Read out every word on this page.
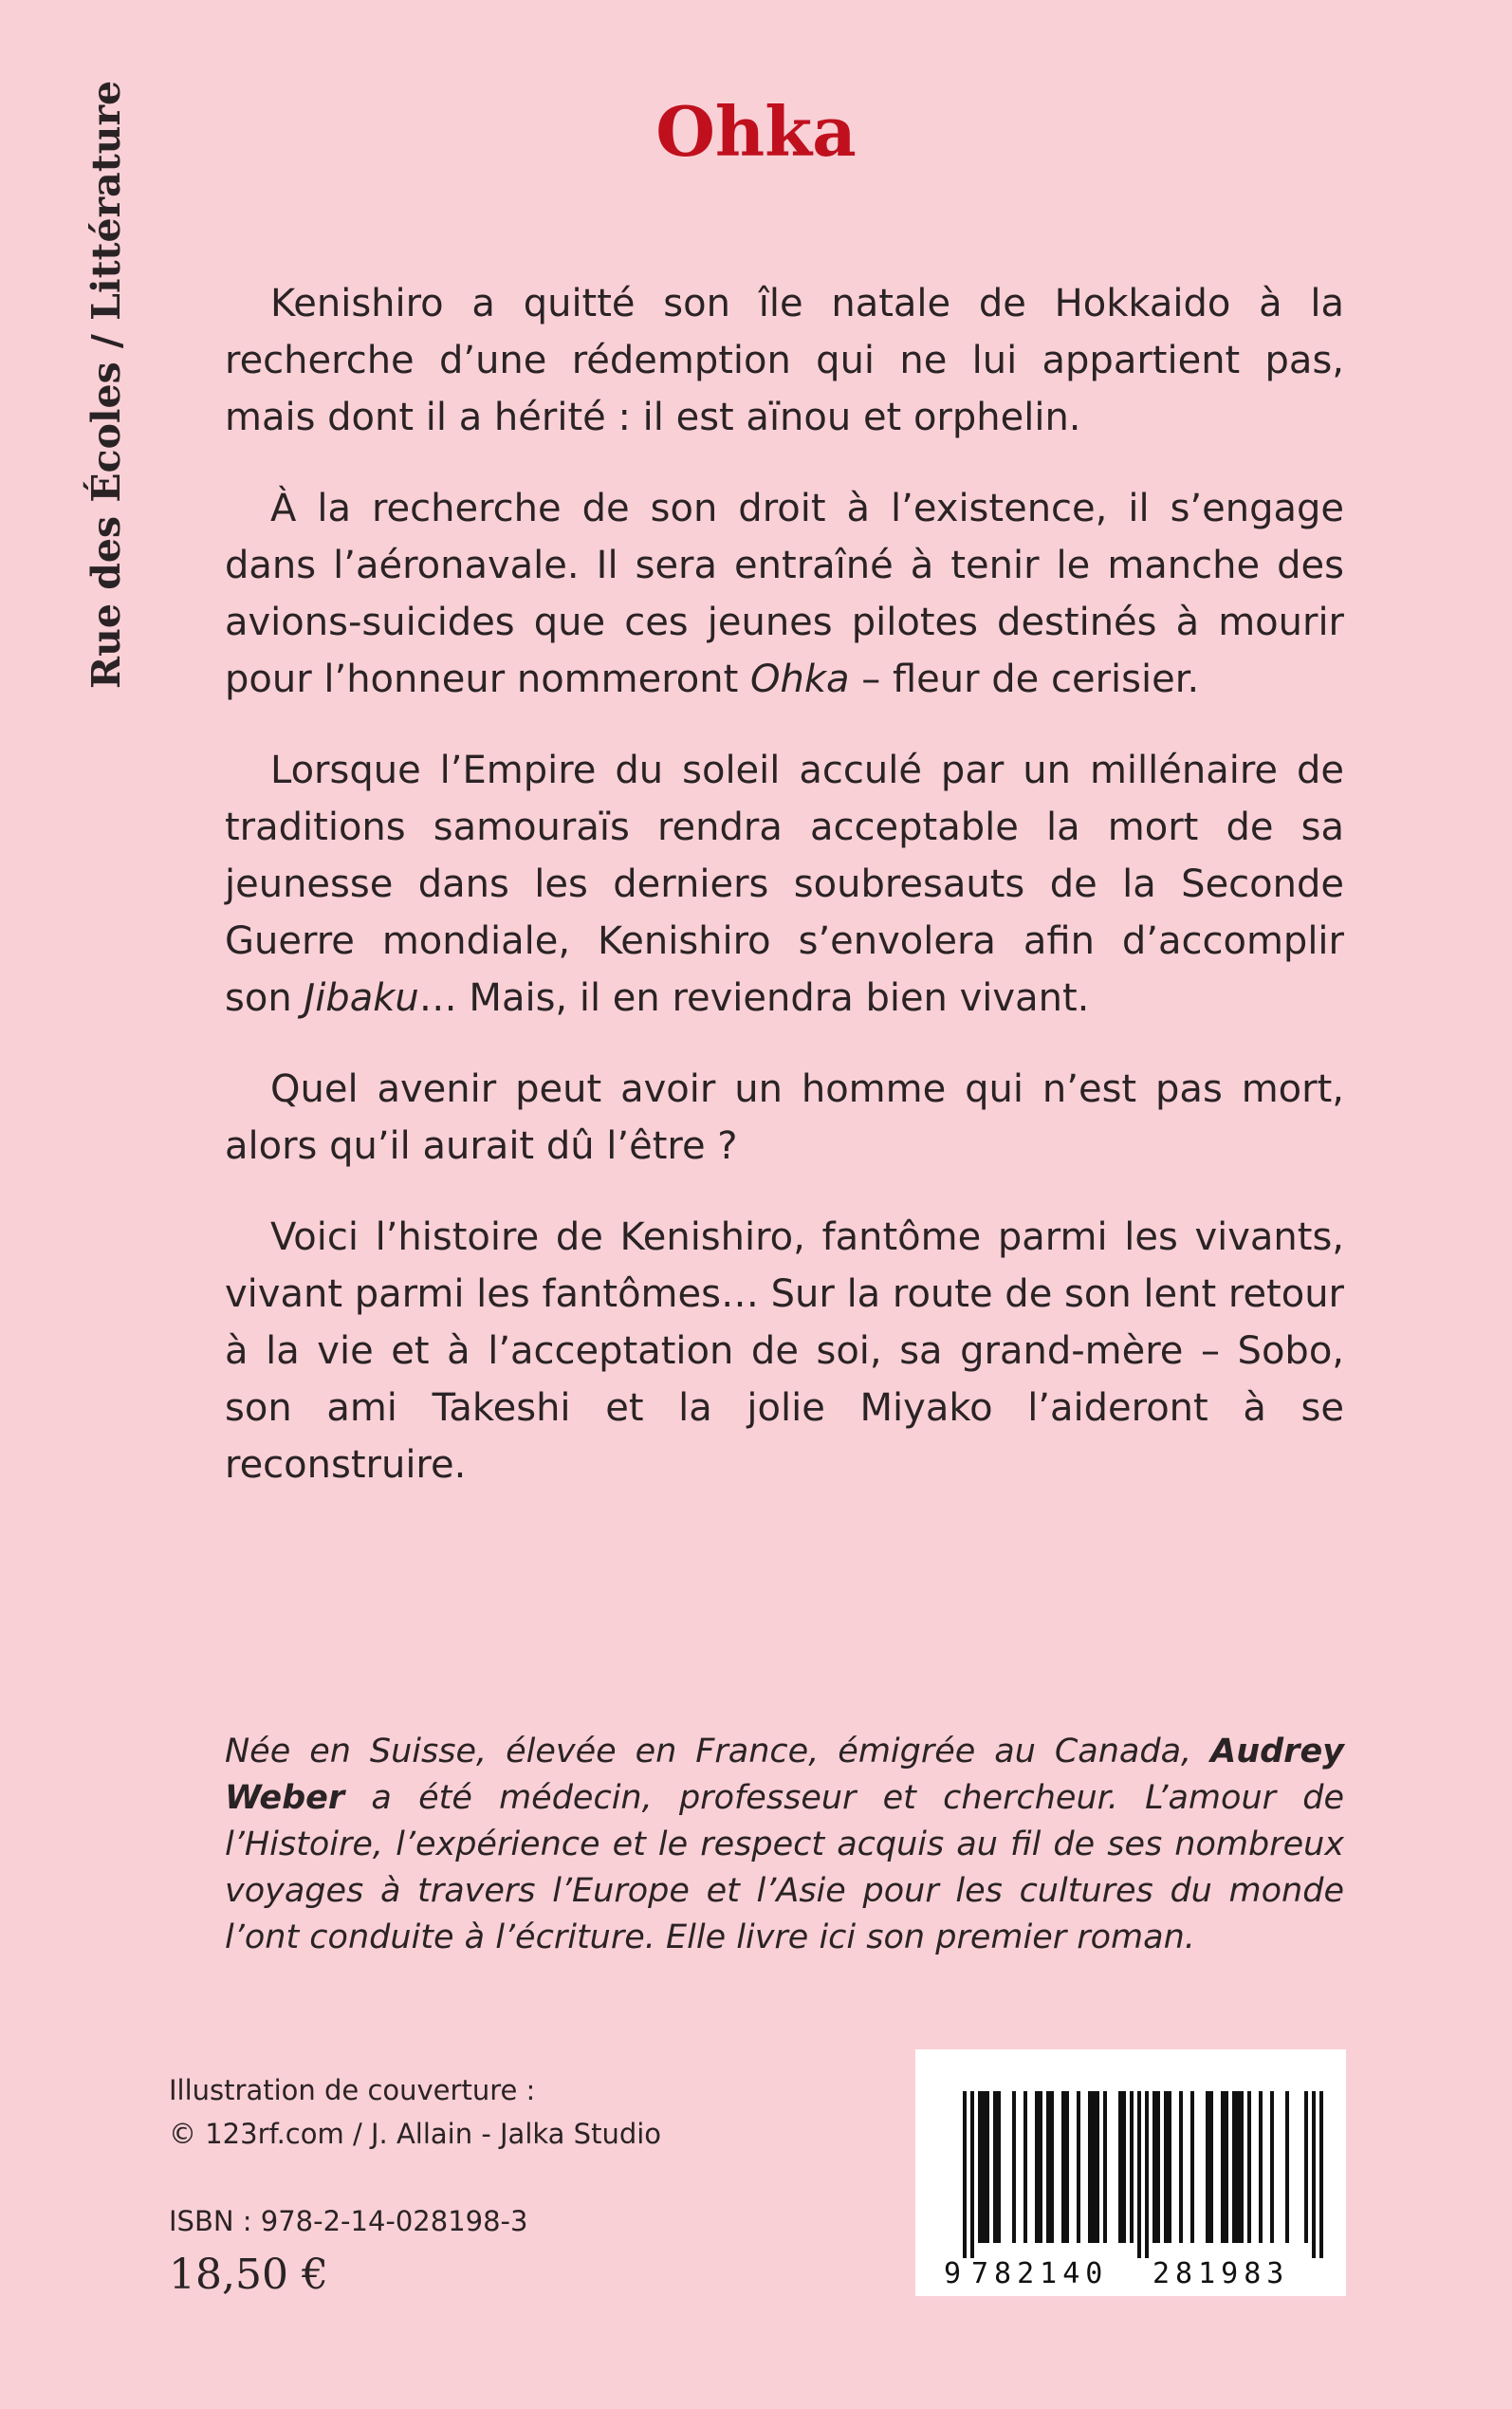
Rue des Écoles / Littérature	Ohka

Kenishiro a quitté son île natale de Hokkaido à la recherche d’une rédemption qui ne lui appartient pas, mais dont il a hérité : il est aïnou et orphelin.

À la recherche de son droit à l’existence, il s’engage dans l’aéronavale. Il sera entraîné à tenir le manche des avions-suicides que ces jeunes pilotes destinés à mourir pour l’honneur nommeront Ohka – fleur de cerisier.

Lorsque l’Empire du soleil acculé par un millénaire de traditions samouraïs rendra acceptable la mort de sa jeunesse dans les derniers soubresauts de la Seconde Guerre mondiale, Kenishiro s’envolera afin d’accomplir son Jibaku… Mais, il en reviendra bien vivant.

Quel avenir peut avoir un homme qui n’est pas mort, alors qu’il aurait dû l’être ?

Voici l’histoire de Kenishiro, fantôme parmi les vivants, vivant parmi les fantômes… Sur la route de son lent retour à la vie et à l’acceptation de soi, sa grand-mère – Sobo, son ami Takeshi et la jolie Miyako l’aideront à se reconstruire.

Née en Suisse, élevée en France, émigrée au Canada, Audrey Weber a été médecin, professeur et chercheur. L’amour de l’Histoire, l’expérience et le respect acquis au fil de ses nombreux voyages à travers l’Europe et l’Asie pour les cultures du monde l’ont conduite à l’écriture. Elle livre ici son premier roman.

Illustration de couverture :
© 123rf.com / J. Allain - Jalka Studio
ISBN : 978-2-14-028198-3
18,50 €	9 782140 281983
